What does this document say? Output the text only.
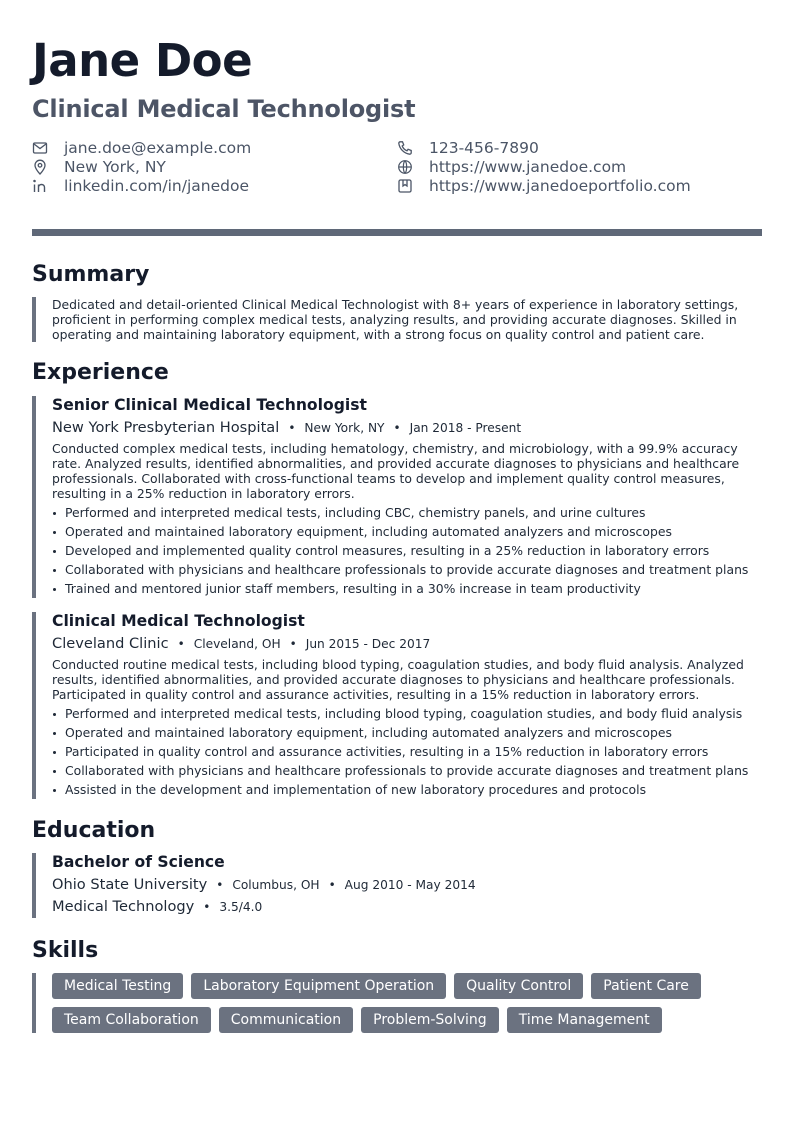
Jane Doe
Clinical Medical Technologist
jane.doe@example.com
New York, NY
linkedin.com/in/janedoe
123-456-7890
https://www.janedoe.com
https://www.janedoeportfolio.com
Summary

Dedicated and detail-oriented Clinical Medical Technologist with 8+ years of experience in laboratory settings, proficient in performing complex medical tests, analyzing results, and providing accurate diagnoses. Skilled in operating and maintaining laboratory equipment, with a strong focus on quality control and patient care.

Experience

Senior Clinical Medical Technologist

New York Presbyterian Hospital • New York, NY • Jan 2018 - Present

Conducted complex medical tests, including hematology, chemistry, and microbiology, with a 99.9% accuracy rate. Analyzed results, identified abnormalities, and provided accurate diagnoses to physicians and healthcare professionals. Collaborated with cross-functional teams to develop and implement quality control measures, resulting in a 25% reduction in laboratory errors.

Performed and interpreted medical tests, including CBC, chemistry panels, and urine cultures
Operated and maintained laboratory equipment, including automated analyzers and microscopes
Developed and implemented quality control measures, resulting in a 25% reduction in laboratory errors
Collaborated with physicians and healthcare professionals to provide accurate diagnoses and treatment plans
Trained and mentored junior staff members, resulting in a 30% increase in team productivity

Clinical Medical Technologist

Cleveland Clinic • Cleveland, OH • Jun 2015 - Dec 2017

Conducted routine medical tests, including blood typing, coagulation studies, and body fluid analysis. Analyzed results, identified abnormalities, and provided accurate diagnoses to physicians and healthcare professionals. Participated in quality control and assurance activities, resulting in a 15% reduction in laboratory errors.

Performed and interpreted medical tests, including blood typing, coagulation studies, and body fluid analysis
Operated and maintained laboratory equipment, including automated analyzers and microscopes
Participated in quality control and assurance activities, resulting in a 15% reduction in laboratory errors
Collaborated with physicians and healthcare professionals to provide accurate diagnoses and treatment plans
Assisted in the development and implementation of new laboratory procedures and protocols
Education

Bachelor of Science

Ohio State University • Columbus, OH • Aug 2010 - May 2014
Medical Technology • 3.5/4.0
Skills
Medical Testing	Laboratory Equipment Operation	Quality Control	Patient Care
Team Collaboration	Communication	Problem-Solving	Time Management
